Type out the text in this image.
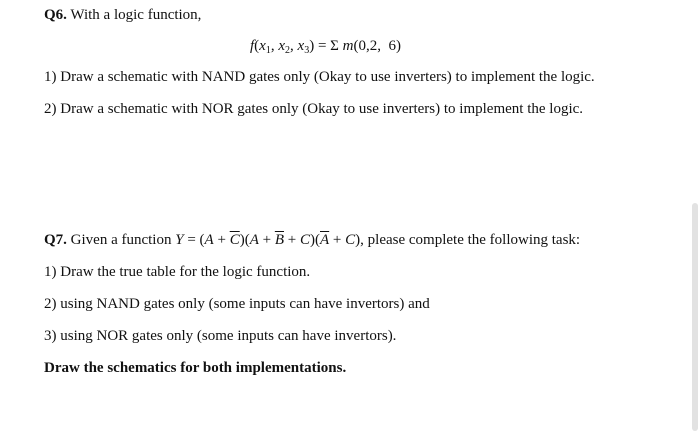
Q6. With a logic function,
$f(x_1$, $x_2$, $x_3) = \Sigma$ m(0,2,  6)
1) Draw a schematic with NAND gates only (Okay to use inverters) to implement the logic.
2) Draw a schematic with NOR gates only (Okay to use inverters) to implement the logic.
Q7. Given a function $Y = (A + \overline{C})(A + \overline{B} + C)(\overline{A} + C)$, please complete the following task:
1) Draw the true table for the logic function.
2) using NAND gates only (some inputs can have invertors) and
3) using NOR gates only (some inputs can have invertors).
Draw the schematics for both implementations.
